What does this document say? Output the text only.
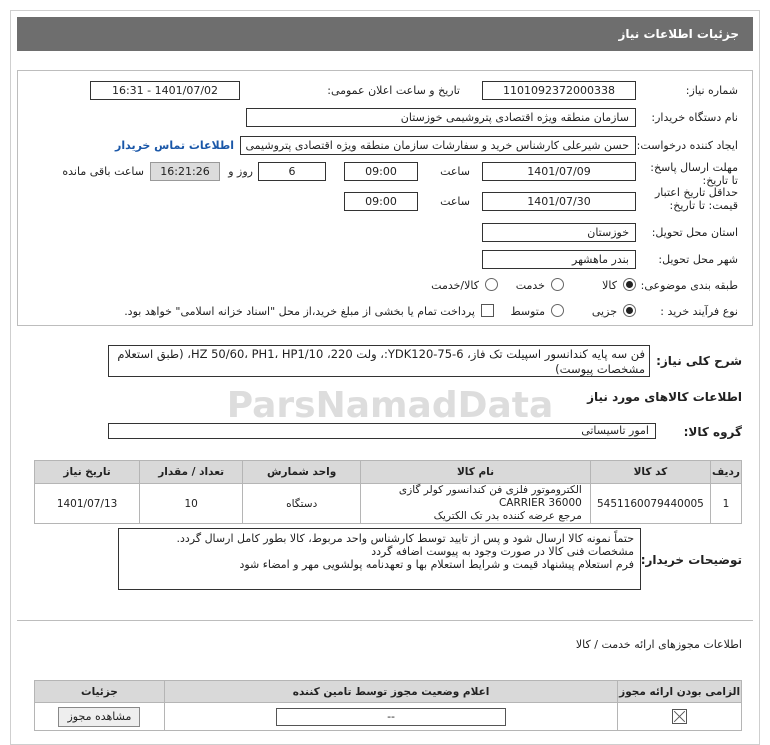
جزئیات اطلاعات نیاز
شماره نیاز:
1101092372000338
تاریخ و ساعت اعلان عمومی:
1401/07/02 - 16:31
نام دستگاه خریدار:
سازمان منطقه ویژه اقتصادی پتروشیمی خوزستان
ایجاد کننده درخواست:
حسن شیرعلی کارشناس خرید و سفارشات سازمان منطقه ویژه اقتصادی پتروشیمی
اطلاعات تماس خریدار
مهلت ارسال پاسخ: تا تاریخ:
1401/07/09
ساعت
09:00
6
روز و
16:21:26
ساعت باقی مانده
حداقل تاریخ اعتبار
قیمت: تا تاریخ:
1401/07/30
ساعت
09:00
استان محل تحویل:
خوزستان
شهر محل تحویل:
بندر ماهشهر
طبقه بندی موضوعی:
کالا
خدمت
کالا/خدمت
نوع فرآیند خرید :
جزیی
متوسط
پرداخت تمام یا بخشی از مبلغ خرید،از محل "اسناد خزانه اسلامی" خواهد بود.
شرح کلی نیاز:
فن سه پایه کندانسور اسپیلت تک فاز، YDK120-75-6:، ولت 220، HZ 50/60، PH1، HP1/10، (طبق استعلام مشخصات پیوست)
اطلاعات کالاهای مورد نیاز
گروه کالا:
امور تاسیساتی
ردیف	کد کالا	نام کالا	واحد شمارش	تعداد / مقدار	تاریخ نیاز
1	5451160079440005	الکتروموتور فلزی فن کندانسور کولر گازی CARRIER 36000
مرجع عرضه کننده بدر تک الکتریک	دستگاه	10	1401/07/13
توضیحات خریدار:
حتماً نمونه کالا ارسال شود و پس از تایید توسط کارشناس واحد مربوط، کالا بطور کامل ارسال گردد.
مشخصات فنی کالا در صورت وجود به پیوست اضافه گردد
فرم استعلام پیشنهاد قیمت و شرایط استعلام بها و تعهدنامه پولشویی مهر و امضاء شود
اطلاعات مجوزهای ارائه خدمت / کالا
الزامی بودن ارائه مجوز	اعلام وضعیت مجوز توسط تامین کننده	جزئیات
	--	مشاهده مجوز
ParsNamadData
